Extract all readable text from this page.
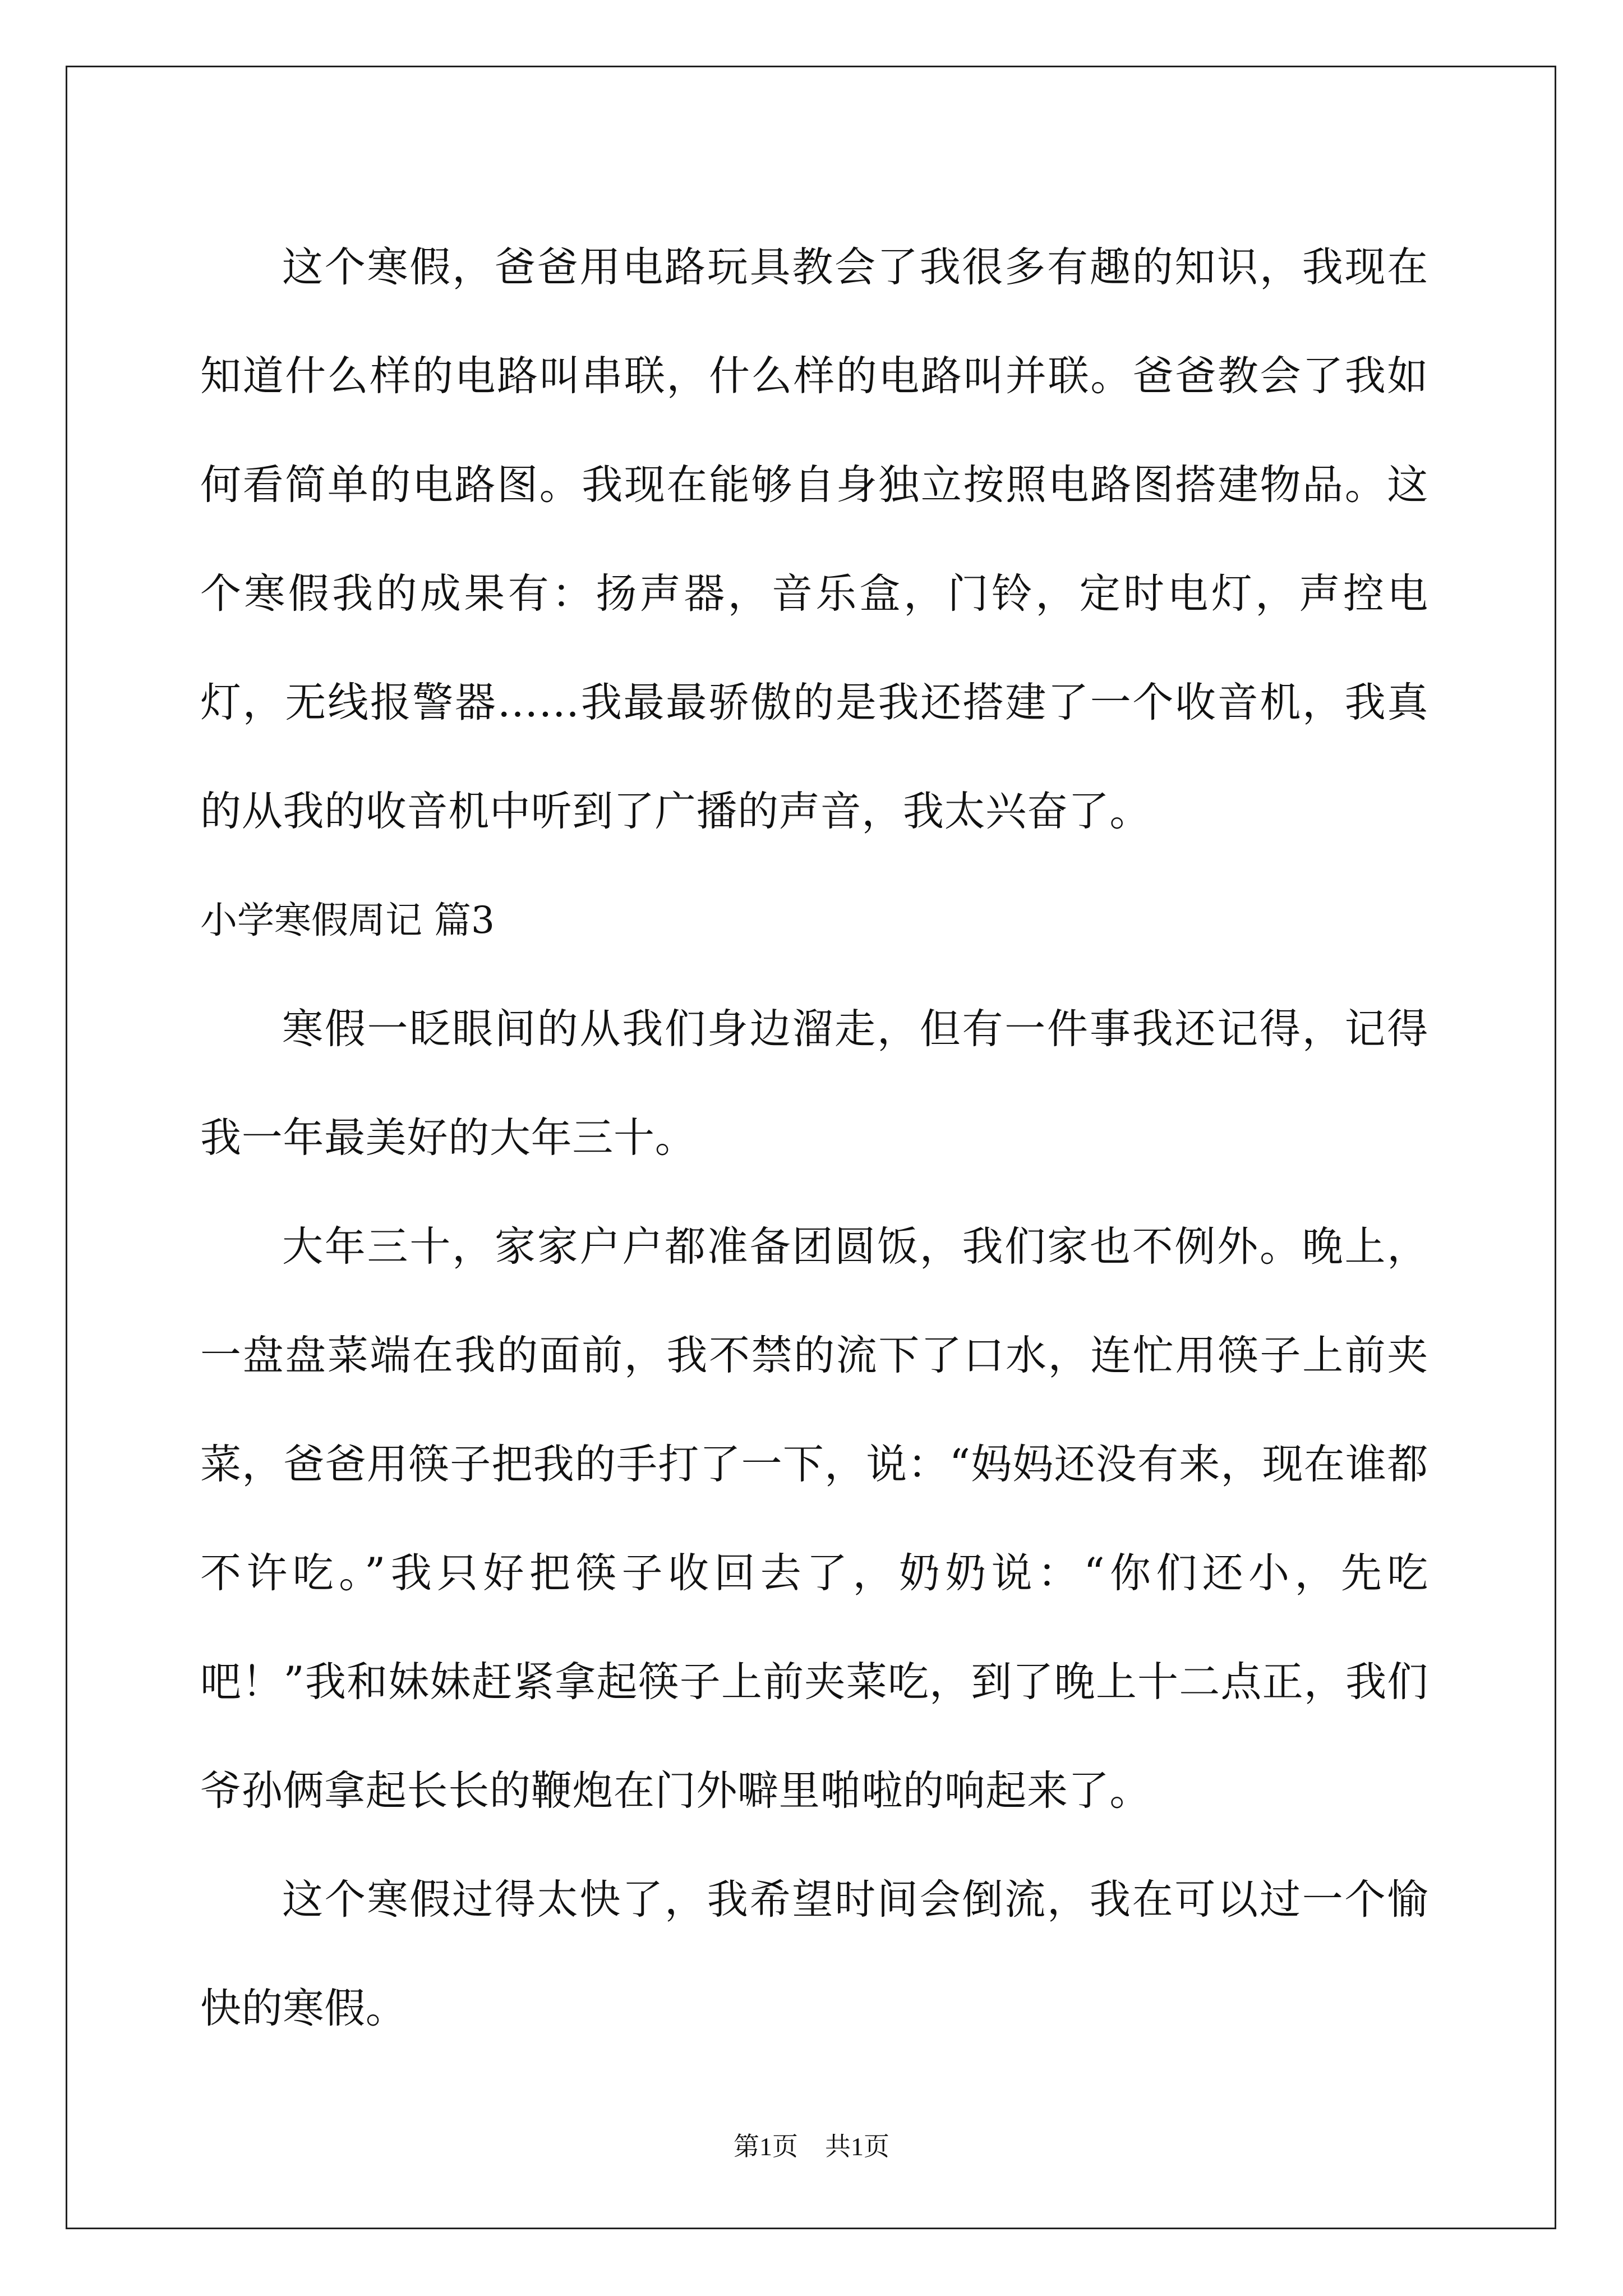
这个寒假，爸爸用电路玩具教会了我很多有趣的知识，我现在知道什么样的电路叫串联，什么样的电路叫并联。爸爸教会了我如何看简单的电路图。我现在能够自身独立按照电路图搭建物品。这个寒假我的成果有：扬声器，音乐盒，门铃，定时电灯，声控电灯，无线报警器……我最最骄傲的是我还搭建了一个收音机，我真的从我的收音机中听到了广播的声音，我太兴奋了。

小学寒假周记 篇3

寒假一眨眼间的从我们身边溜走，但有一件事我还记得，记得我一年最美好的大年三十。

大年三十，家家户户都准备团圆饭，我们家也不例外。晚上，一盘盘菜端在我的面前，我不禁的流下了口水，连忙用筷子上前夹菜，爸爸用筷子把我的手打了一下，说：“妈妈还没有来，现在谁都不许吃。”我只好把筷子收回去了，奶奶说：“你们还小，先吃吧！”我和妹妹赶紧拿起筷子上前夹菜吃，到了晚上十二点正，我们爷孙俩拿起长长的鞭炮在门外噼里啪啦的响起来了。

这个寒假过得太快了，我希望时间会倒流，我在可以过一个愉快的寒假。

第1页 共1页
